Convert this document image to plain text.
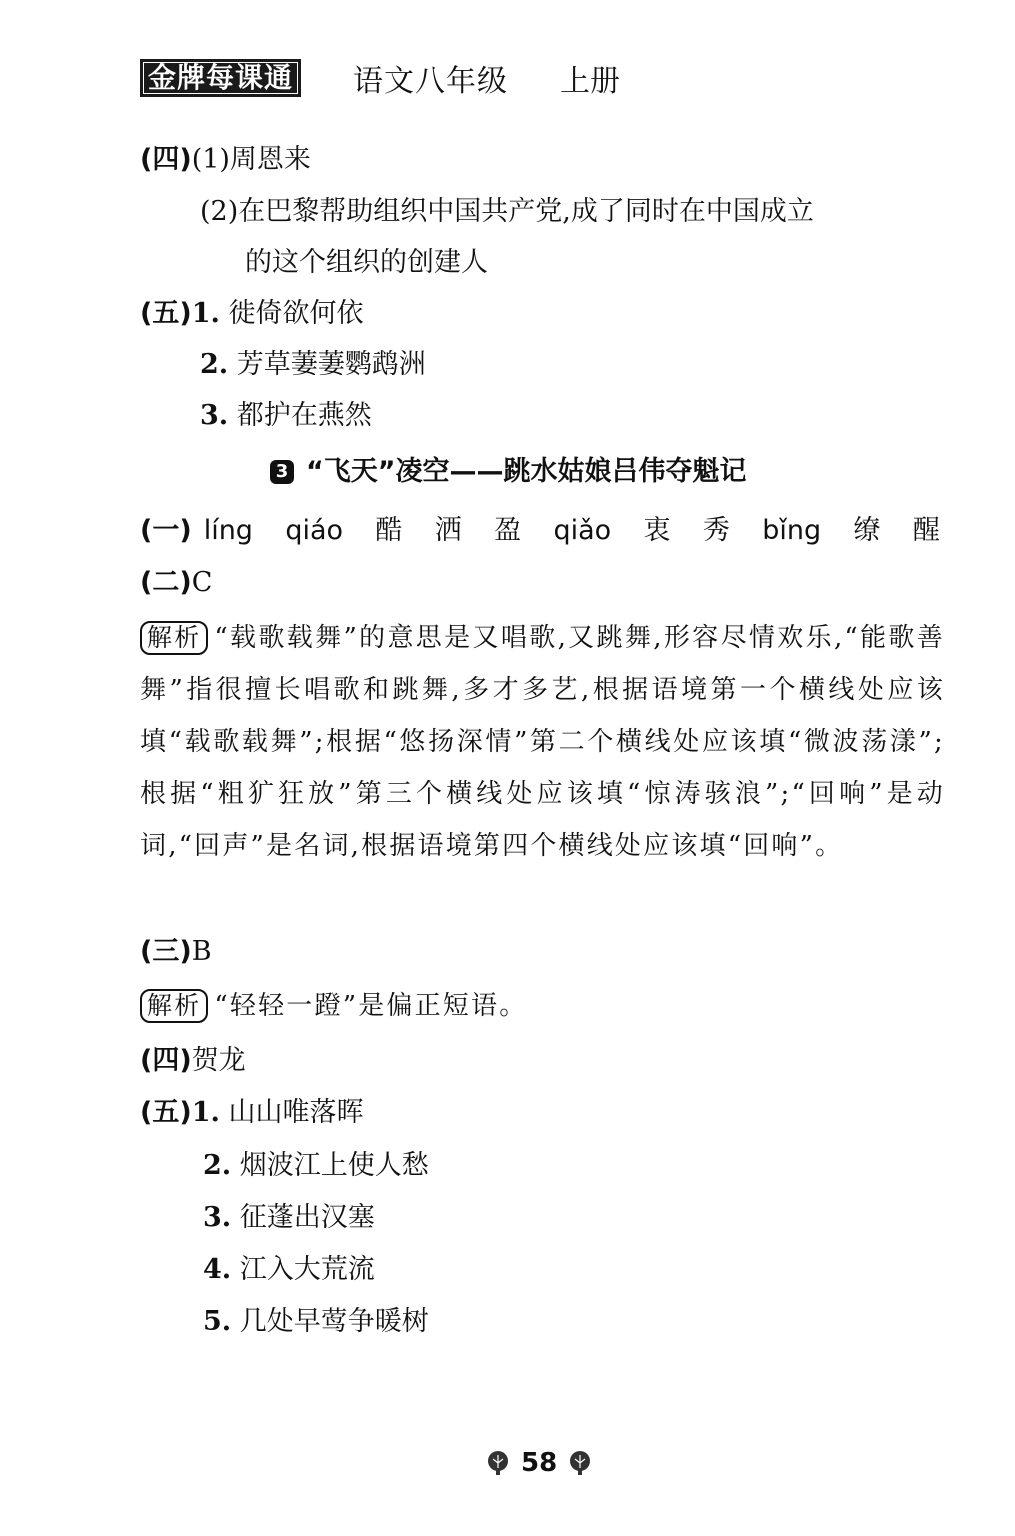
金牌每课通 语文八年级 上册
(四)(1)周恩来
(2)在巴黎帮助组织中国共产党,成了同时在中国成立
的这个组织的创建人
(五)1. 徙倚欲何依
2. 芳草萋萋鹦鹉洲
3. 都护在燕然
3 “飞天”凌空——跳水姑娘吕伟夺魁记
(一) líng qiáo 酷 洒 盈 qiǎo 衷 秀 bǐng 缭 醒
(二)C
解析 “载歌载舞”的意思是又唱歌,又跳舞,形容尽情欢乐,“能歌善舞”指很擅长唱歌和跳舞,多才多艺,根据语境第一个横线处应该填“载歌载舞”;根据“悠扬深情”第二个横线处应该填“微波荡漾”;根据“粗犷狂放”第三个横线处应该填“惊涛骇浪”;“回响”是动词,“回声”是名词,根据语境第四个横线处应该填“回响”。
(三)B
解析 “轻轻一蹬”是偏正短语。
(四)贺龙
(五)1. 山山唯落晖
2. 烟波江上使人愁
3. 征蓬出汉塞
4. 江入大荒流
5. 几处早莺争暖树
58
